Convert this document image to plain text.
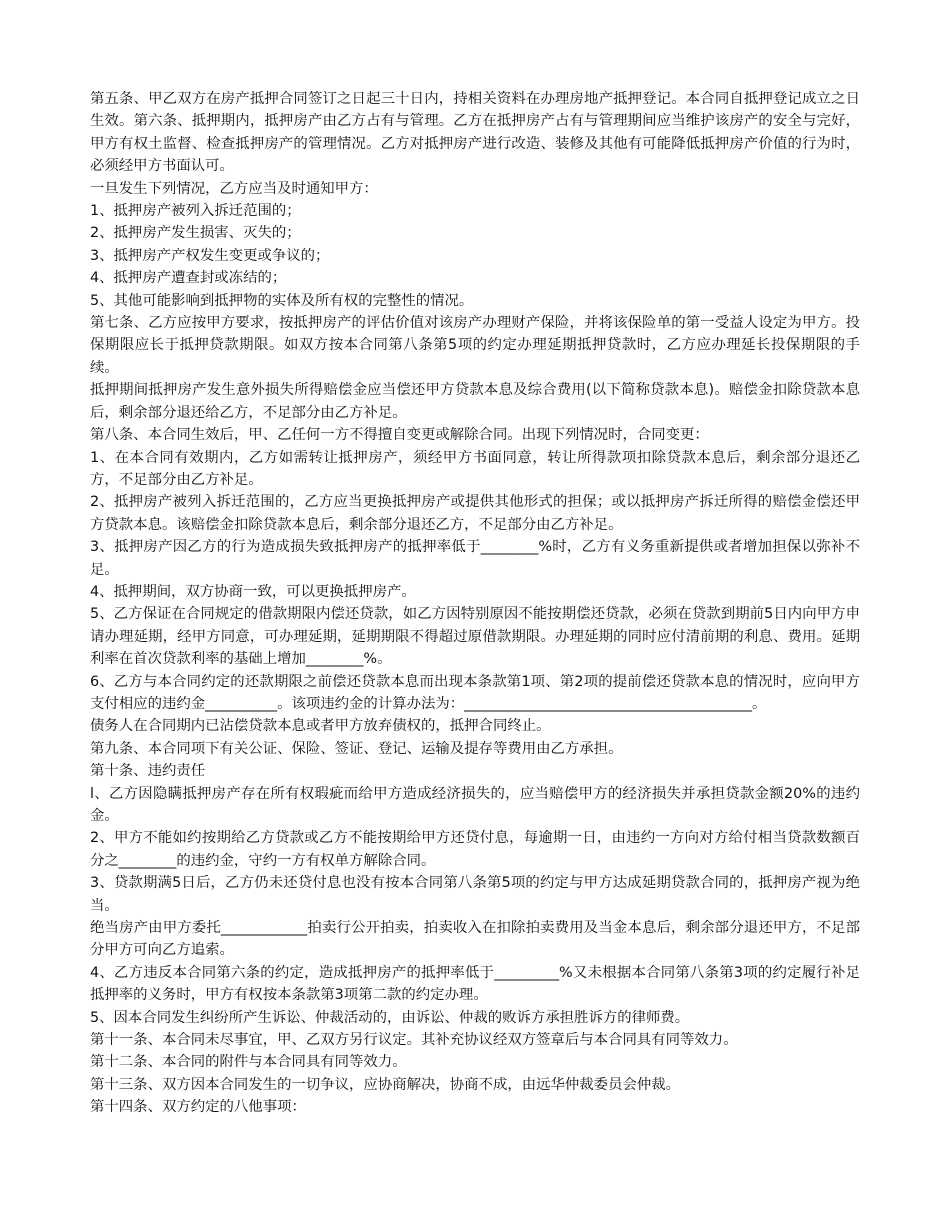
第五条、甲乙双方在房产抵押合同签订之日起三十日内，持相关资料在办理房地产抵押登记。本合同自抵押登记成立之日生效。第六条、抵押期内，抵押房产由乙方占有与管理。乙方在抵押房产占有与管理期间应当维护该房产的安全与完好，甲方有权土监督、检查抵押房产的管理情况。乙方对抵押房产进行改造、装修及其他有可能降低抵押房产价值的行为时，必须经甲方书面认可。

一旦发生下列情况，乙方应当及时通知甲方：

1、抵押房产被列入拆迁范围的；

2、抵押房产发生损害、灭失的；

3、抵押房产产权发生变更或争议的；

4、抵押房产遭查封或冻结的；

5、其他可能影响到抵押物的实体及所有权的完整性的情况。

第七条、乙方应按甲方要求，按抵押房产的评估价值对该房产办理财产保险，并将该保险单的第一受益人设定为甲方。投保期限应长于抵押贷款期限。如双方按本合同第八条第5项的约定办理延期抵押贷款时，乙方应办理延长投保期限的手续。

抵押期间抵押房产发生意外损失所得赔偿金应当偿还甲方贷款本息及综合费用(以下简称贷款本息)。赔偿金扣除贷款本息后，剩余部分退还给乙方，不足部分由乙方补足。

第八条、本合同生效后，甲、乙任何一方不得擅自变更或解除合同。出现下列情况时，合同变更：

1、在本合同有效期内，乙方如需转让抵押房产，须经甲方书面同意，转让所得款项扣除贷款本息后，剩余部分退还乙方，不足部分由乙方补足。

2、抵押房产被列入拆迁范围的，乙方应当更换抵押房产或提供其他形式的担保；或以抵押房产拆迁所得的赔偿金偿还甲方贷款本息。该赔偿金扣除贷款本息后，剩余部分退还乙方，不足部分由乙方补足。

3、抵押房产因乙方的行为造成损失致抵押房产的抵押率低于________%时，乙方有义务重新提供或者增加担保以弥补不足。

4、抵押期间，双方协商一致，可以更换抵押房产。

5、乙方保证在合同规定的借款期限内偿还贷款，如乙方因特别原因不能按期偿还贷款，必须在贷款到期前5日内向甲方申请办理延期，经甲方同意，可办理延期，延期期限不得超过原借款期限。办理延期的同时应付清前期的利息、费用。延期利率在首次贷款利率的基础上增加________%。

6、乙方与本合同约定的还款期限之前偿还贷款本息而出现本条款第1项、第2项的提前偿还贷款本息的情况时，应向甲方支付相应的违约金__________。该项违约金的计算办法为：________________________________________。

债务人在合同期内已沾偿贷款本息或者甲方放弃债权的，抵押合同终止。

第九条、本合同项下有关公证、保险、签证、登记、运输及提存等费用由乙方承担。

第十条、违约责任

l、乙方因隐瞒抵押房产存在所有权瑕疵而给甲方造成经济损失的，应当赔偿甲方的经济损失并承担贷款金额20%的违约金。

2、甲方不能如约按期给乙方贷款或乙方不能按期给甲方还贷付息，每逾期一日，由违约一方向对方给付相当贷款数额百分之________的违约金，守约一方有权单方解除合同。

3、贷款期满5日后，乙方仍未还贷付息也没有按本合同第八条第5项的约定与甲方达成延期贷款合同的，抵押房产视为绝当。

绝当房产由甲方委托____________拍卖行公开拍卖，拍卖收入在扣除拍卖费用及当金本息后，剩余部分退还甲方，不足部分甲方可向乙方追索。

4、乙方违反本合同第六条的约定，造成抵押房产的抵押率低于_________%又未根据本合同第八条第3项的约定履行补足抵押率的义务时，甲方有权按本条款第3项第二款的约定办理。

5、因本合同发生纠纷所产生诉讼、仲裁活动的，由诉讼、仲裁的败诉方承担胜诉方的律师费。

第十一条、本合同未尽事宜，甲、乙双方另行议定。其补充协议经双方签章后与本合同具有同等效力。

第十二条、本合同的附件与本合同具有同等效力。

第十三条、双方因本合同发生的一切争议，应协商解决，协商不成，由远华仲裁委员会仲裁。

第十四条、双方约定的八他事项：
